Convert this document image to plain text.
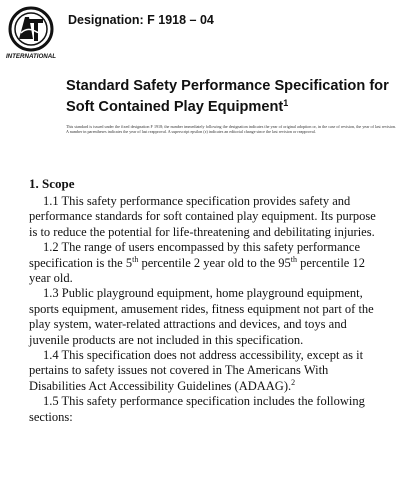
INTERNATIONAL
Designation: F 1918 – 04
Standard Safety Performance Specification for Soft Contained Play Equipment$^1$
This standard is issued under the fixed designation F 1918; the number immediately following the designation indicates the year of original adoption or, in the case of revision, the year of last revision. A number in parentheses indicates the year of last reapproval. A superscript epsilon (ε) indicates an editorial change since the last revision or reapproval.

1. Scope

1.1 This safety performance specification provides safety and performance standards for soft contained play equipment. Its purpose is to reduce the potential for life-threatening and debilitating injuries.

1.2 The range of users encompassed by this safety performance specification is the 5th percentile 2 year old to the 95th percentile 12 year old.

1.3 Public playground equipment, home playground equipment, sports equipment, amusement rides, fitness equipment not part of the play system, water-related attractions and devices, and toys and juvenile products are not included in this specification.

1.4 This specification does not address accessibility, except as it pertains to safety issues not covered in The Americans With Disabilities Act Accessibility Guidelines (ADAAG).$^2$

1.5 This safety performance specification includes the following sections:
